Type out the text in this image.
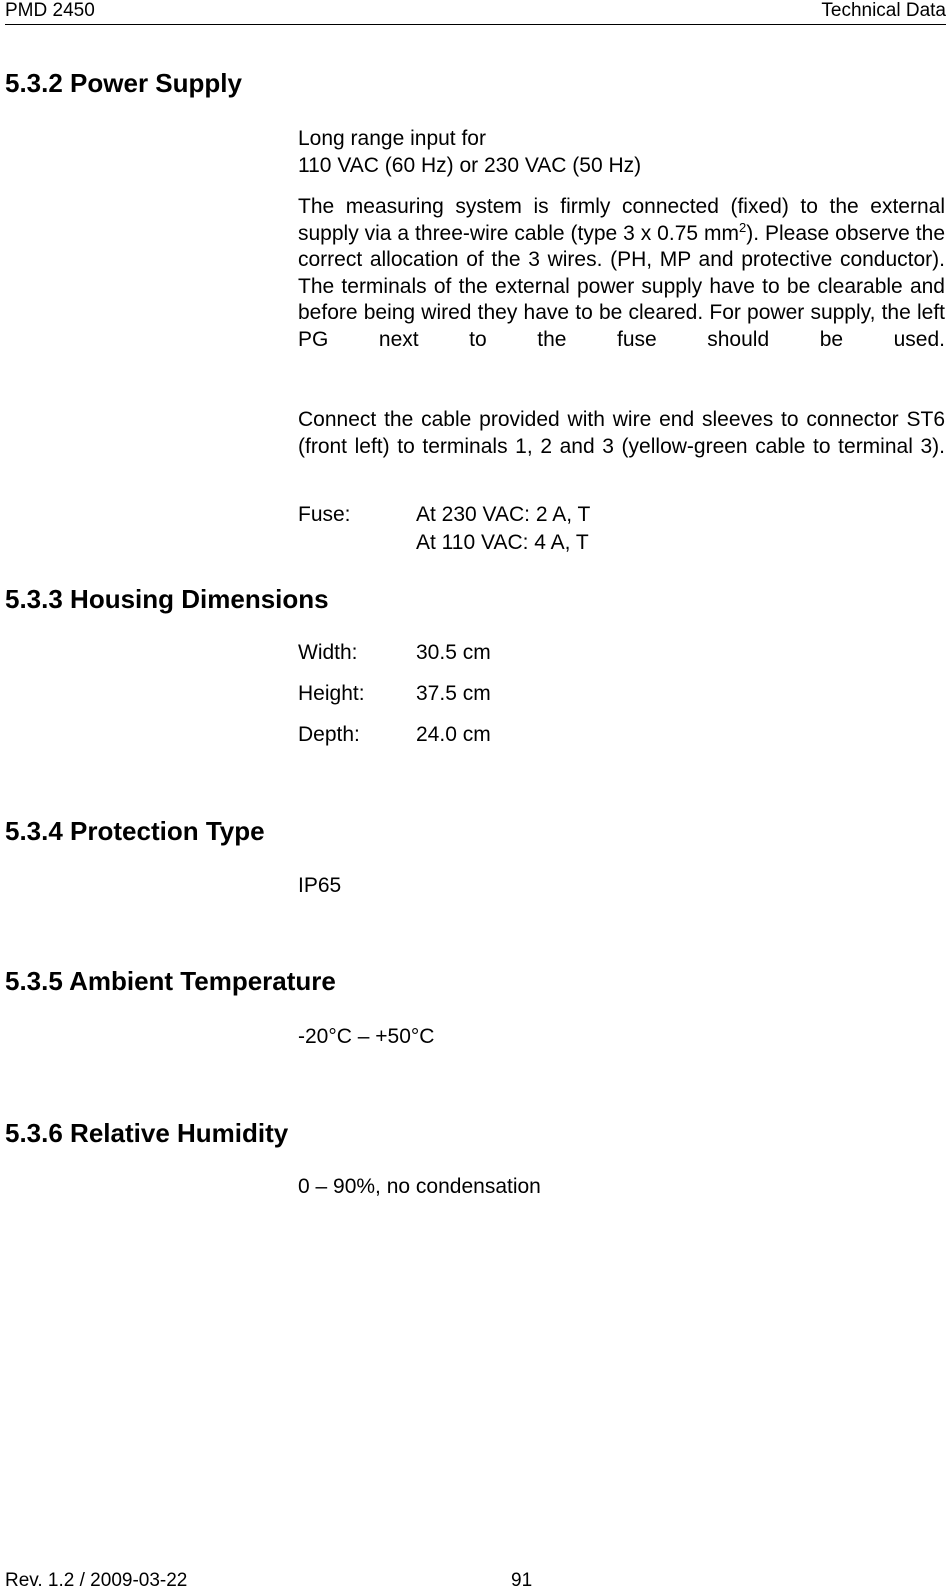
PMD 2450	Technical Data
5.3.2 Power Supply
Long range input for
110 VAC (60 Hz) or 230 VAC (50 Hz)
The measuring system is firmly connected (fixed) to the external supply via a three-wire cable (type 3 x 0.75 $mm^2$). Please observe the correct allocation of the 3 wires. (PH, MP and protective conductor). The terminals of the external power supply have to be clearable and before being wired they have to be cleared. For power supply, the left PG next to the fuse should be used.
Connect the cable provided with wire end sleeves to connector ST6 (front left) to terminals 1, 2 and 3 (yellow-green cable to terminal 3).
Fuse:	At 230 VAC: 2 A, T
At 110 VAC: 4 A, T
5.3.3 Housing Dimensions
Width:	30.5 cm
Height: 37.5 cm
Depth:	24.0 cm
5.3.4 Protection Type
IP65
5.3.5 Ambient Temperature
-20°C – +50°C
5.3.6 Relative Humidity
0 – 90%, no condensation
Rev. 1.2 / 2009-03-22	91
